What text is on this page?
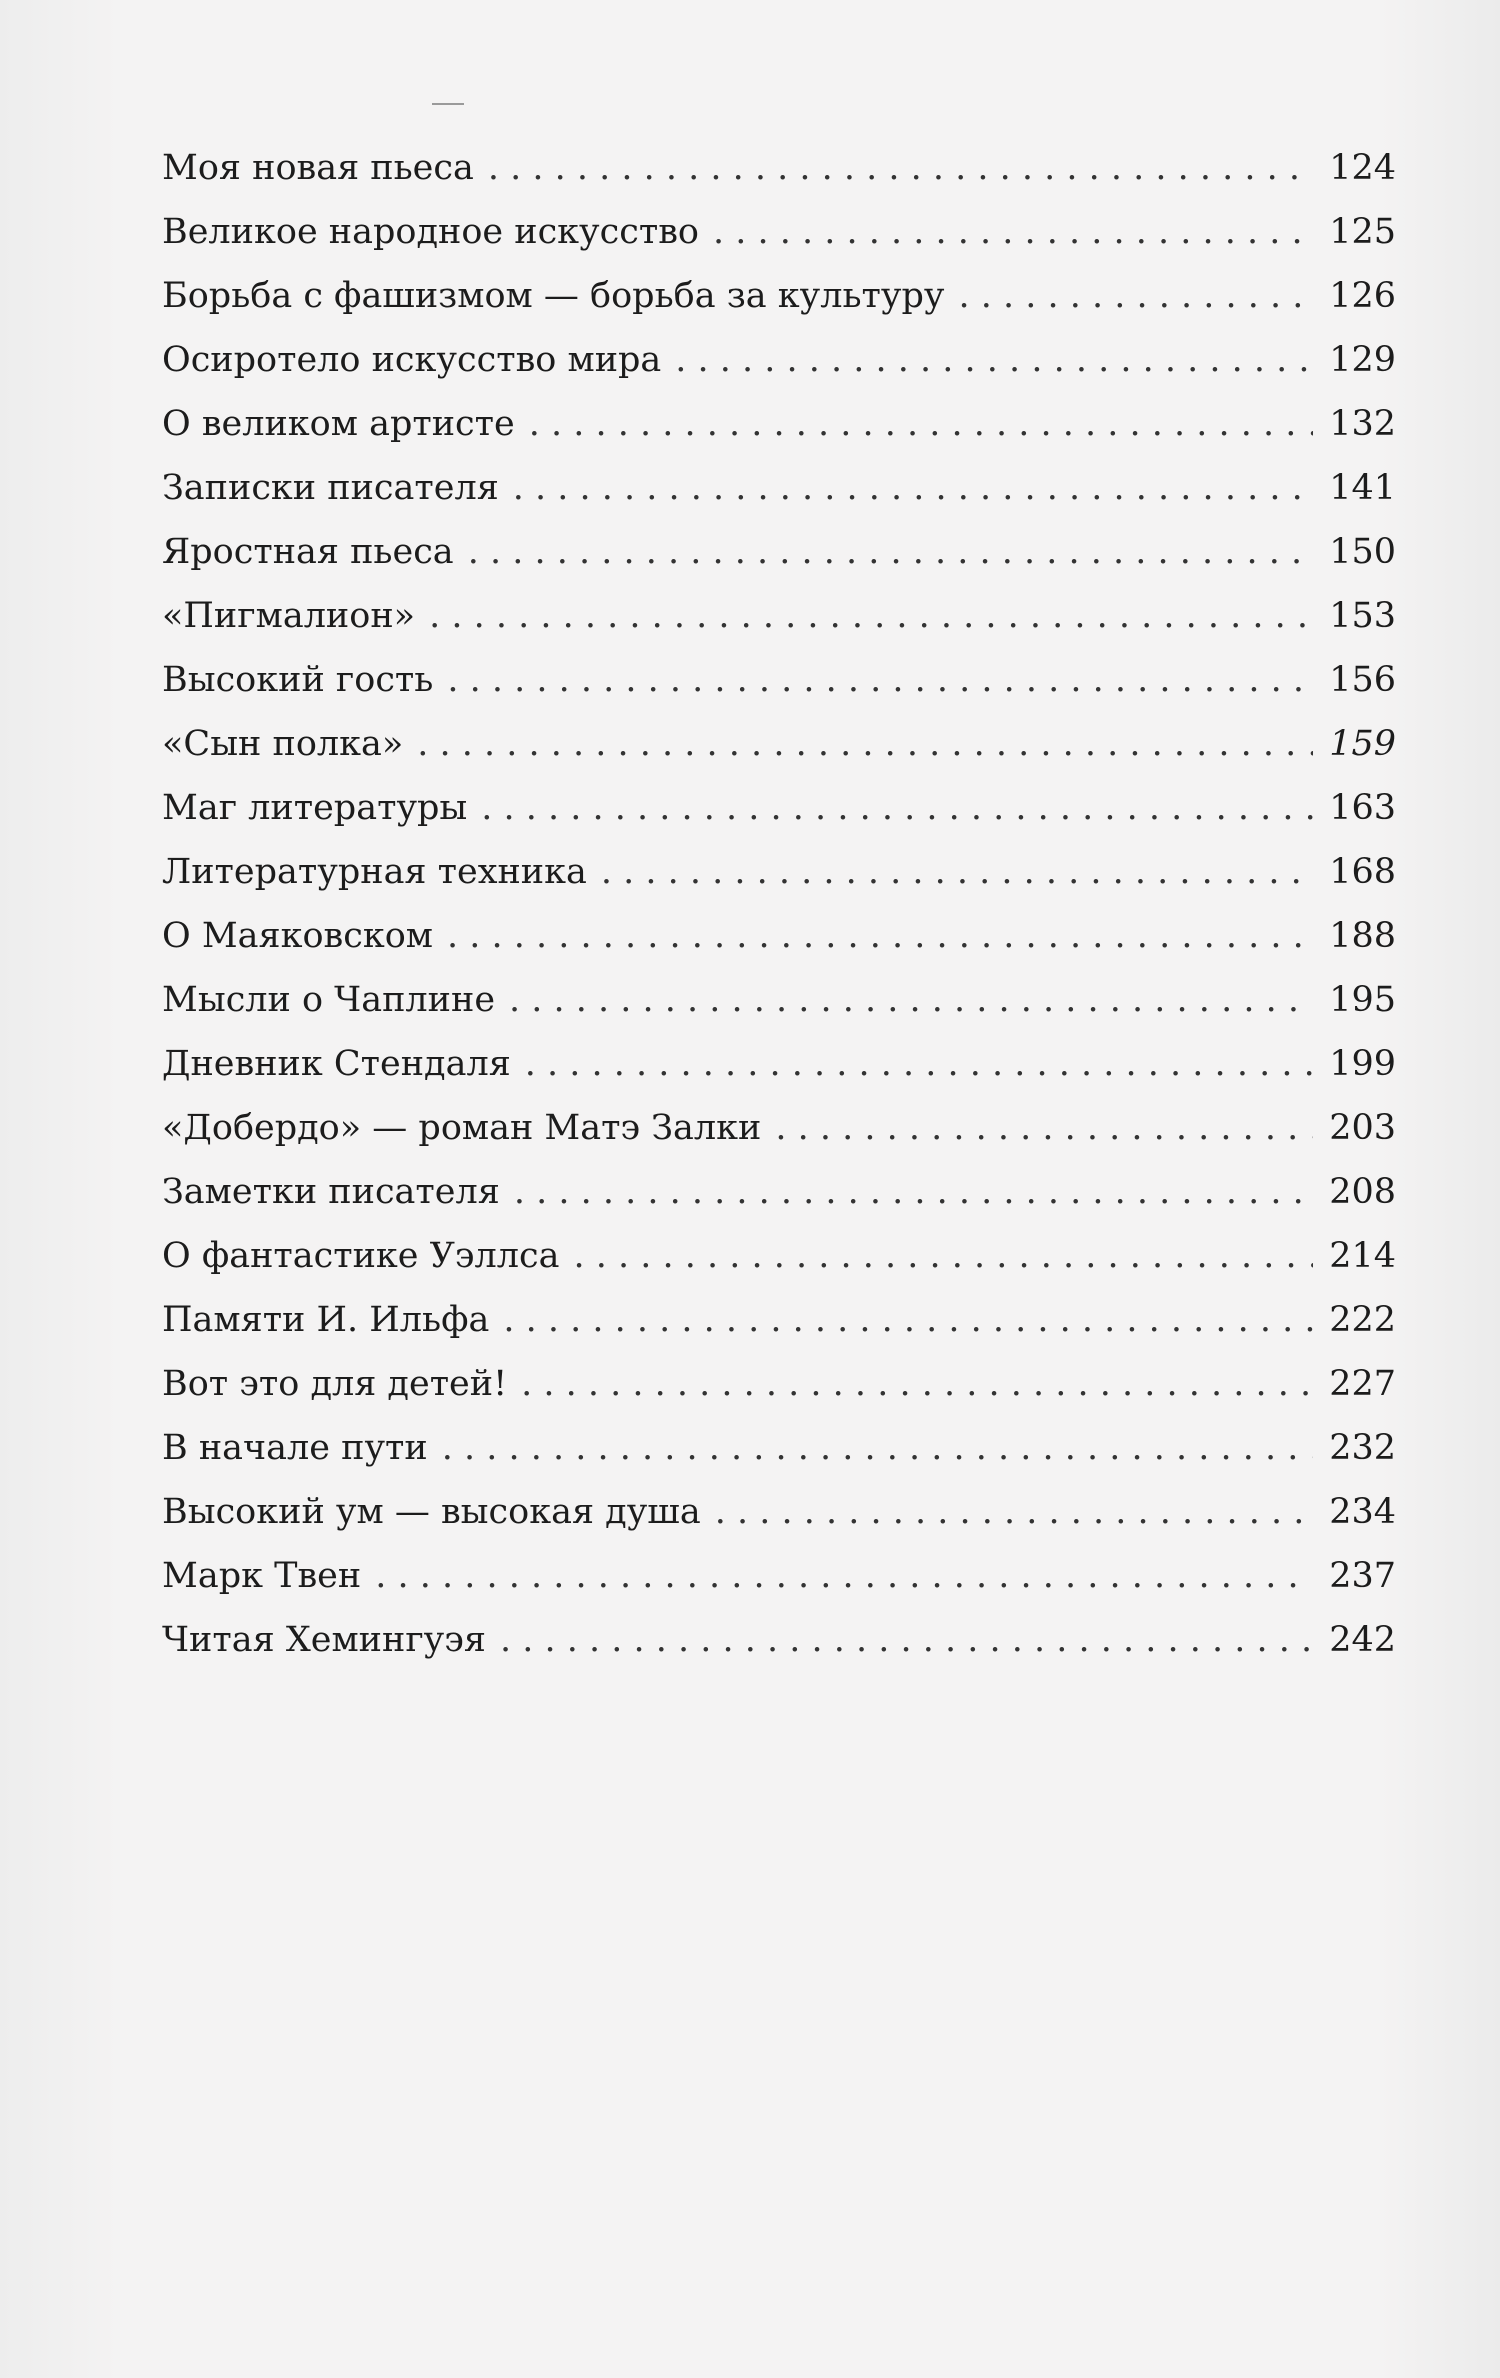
Моя новая пьеса . . .	124
Великое народное искусство . . .	125
Борьба с фашизмом — борьба за культуру . . .	126
Осиротело искусство мира . . .	129
О великом артисте . . .	132
Записки писателя . . .	141
Яростная пьеса . . .	150
«Пигмалион» . . .	153
Высокий гость . . .	156
«Сын полка» . . .	159
Маг литературы . . .	163
Литературная техника . . .	168
О Маяковском . . .	188
Мысли о Чаплине . . .	195
Дневник Стендаля . . .	199
«Добердо» — роман Матэ Залки . . .	203
Заметки писателя . . .	208
О фантастике Уэллса . . .	214
Памяти И. Ильфа . . .	222
Вот это для детей! . . .	227
В начале пути . . .	232
Высокий ум — высокая душа . . .	234
Марк Твен . . .	237
Читая Хемингуэя . . .	242
